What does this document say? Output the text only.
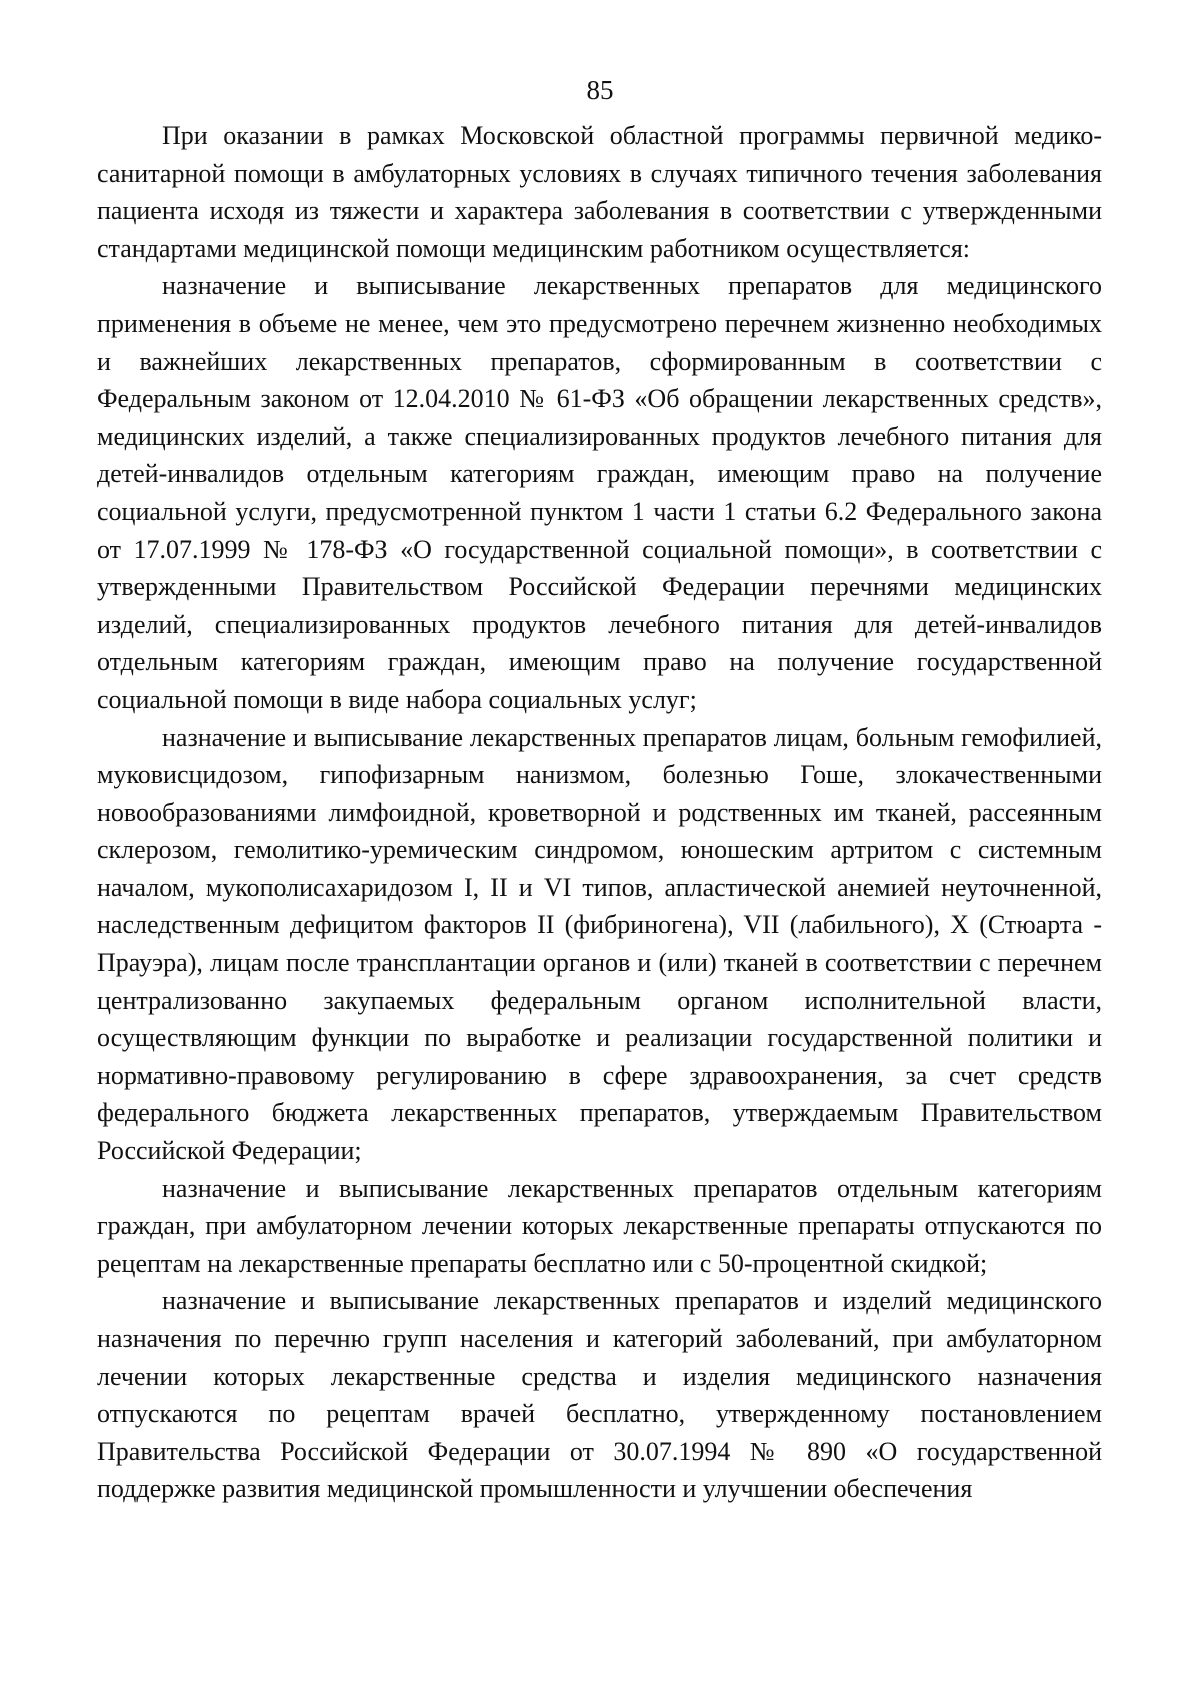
85

При оказании в рамках Московской областной программы первичной медико-санитарной помощи в амбулаторных условиях в случаях типичного течения заболевания пациента исходя из тяжести и характера заболевания в соответствии с утвержденными стандартами медицинской помощи медицинским работником осуществляется:

назначение и выписывание лекарственных препаратов для медицинского применения в объеме не менее, чем это предусмотрено перечнем жизненно необходимых и важнейших лекарственных препаратов, сформированным в соответствии с Федеральным законом от 12.04.2010 № 61-ФЗ «Об обращении лекарственных средств», медицинских изделий, а также специализированных продуктов лечебного питания для детей-инвалидов отдельным категориям граждан, имеющим право на получение социальной услуги, предусмотренной пунктом 1 части 1 статьи 6.2 Федерального закона от 17.07.1999 № 178-ФЗ «О государственной социальной помощи», в соответствии с утвержденными Правительством Российской Федерации перечнями медицинских изделий, специализированных продуктов лечебного питания для детей-инвалидов отдельным категориям граждан, имеющим право на получение государственной социальной помощи в виде набора социальных услуг;

назначение и выписывание лекарственных препаратов лицам, больным гемофилией, муковисцидозом, гипофизарным нанизмом, болезнью Гоше, злокачественными новообразованиями лимфоидной, кроветворной и родственных им тканей, рассеянным склерозом, гемолитико-уремическим синдромом, юношеским артритом с системным началом, мукополисахаридозом I, II и VI типов, апластической анемией неуточненной, наследственным дефицитом факторов II (фибриногена), VII (лабильного), X (Стюарта - Прауэра), лицам после трансплантации органов и (или) тканей в соответствии с перечнем централизованно закупаемых федеральным органом исполнительной власти, осуществляющим функции по выработке и реализации государственной политики и нормативно-правовому регулированию в сфере здравоохранения, за счет средств федерального бюджета лекарственных препаратов, утверждаемым Правительством Российской Федерации;

назначение и выписывание лекарственных препаратов отдельным категориям граждан, при амбулаторном лечении которых лекарственные препараты отпускаются по рецептам на лекарственные препараты бесплатно или с 50-процентной скидкой;

назначение и выписывание лекарственных препаратов и изделий медицинского назначения по перечню групп населения и категорий заболеваний, при амбулаторном лечении которых лекарственные средства и изделия медицинского назначения отпускаются по рецептам врачей бесплатно, утвержденному постановлением Правительства Российской Федерации от 30.07.1994 № 890 «О государственной поддержке развития медицинской промышленности и улучшении обеспечения
